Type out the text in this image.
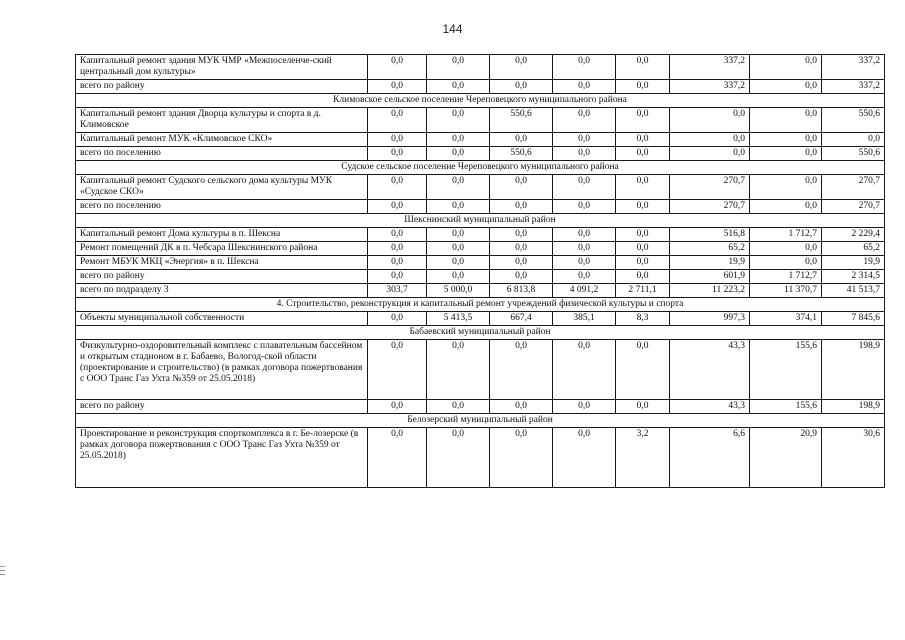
144
Капитальный ремонт здания МУК ЧМР «Межпоселенче-ский центральный дом культуры»	0,0	0,0	0,0	0,0	0,0	337,2	0,0	337,2
всего по району	0,0	0,0	0,0	0,0	0,0	337,2	0,0	337,2
Климовское сельское поселение Череповецкого муниципального района								
Капитальный ремонт здания Дворца культуры и спорта в д. Климовское	0,0	0,0	550,6	0,0	0,0	0,0	0,0	550,6
Капитальный ремонт МУК «Климовское СКО»	0,0	0,0	0,0	0,0	0,0	0,0	0,0	0,0
всего по поселению	0,0	0,0	550,6	0,0	0,0	0,0	0,0	550,6
Судское сельское поселение Череповецкого муниципального района								
Капитальный ремонт Судского сельского дома культуры МУК «Судское СКО»	0,0	0,0	0,0	0,0	0,0	270,7	0,0	270,7
всего по поселению	0,0	0,0	0,0	0,0	0,0	270,7	0,0	270,7
Шекснинский муниципальный район								
Капитальный ремонт Дома культуры в п. Шексна	0,0	0,0	0,0	0,0	0,0	516,8	1 712,7	2 229,4
Ремонт помещений ДК в п. Чебсара Шекснинского района	0,0	0,0	0,0	0,0	0,0	65,2	0,0	65,2
Ремонт МБУК МКЦ «Энергия» в п. Шексна	0,0	0,0	0,0	0,0	0,0	19,9	0,0	19,9
всего по району	0,0	0,0	0,0	0,0	0,0	601,9	1 712,7	2 314,5
всего по подразделу 3	303,7	5 000,0	6 813,8	4 091,2	2 711,1	11 223,2	11 370,7	41 513,7
4. Строительство, реконструкция и капитальный ремонт учреждений физической культуры и спорта								
Объекты муниципальной собственности	0,0	5 413,5	667,4	385,1	8,3	997,3	374,1	7 845,6
Бабаевский муниципальный район								
Физкультурно-оздоровительный комплекс с плавательным бассейном и открытым стадионом в г. Бабаево, Вологод-ской области (проектирование и строительство) (в рамках договора пожертвования с ООО Транс Газ Ухта №359 от 25.05.2018)	0,0	0,0	0,0	0,0	0,0	43,3	155,6	198,9
всего по району	0,0	0,0	0,0	0,0	0,0	43,3	155,6	198,9
Белозерский муниципальный район								
Проектирование и реконструкция спорткомплекса в г. Бе-лозерске (в рамках договора пожертвования с ООО Транс Газ Ухта №359 от 25.05.2018)	0,0	0,0	0,0	0,0	3,2	6,6	20,9	30,6
